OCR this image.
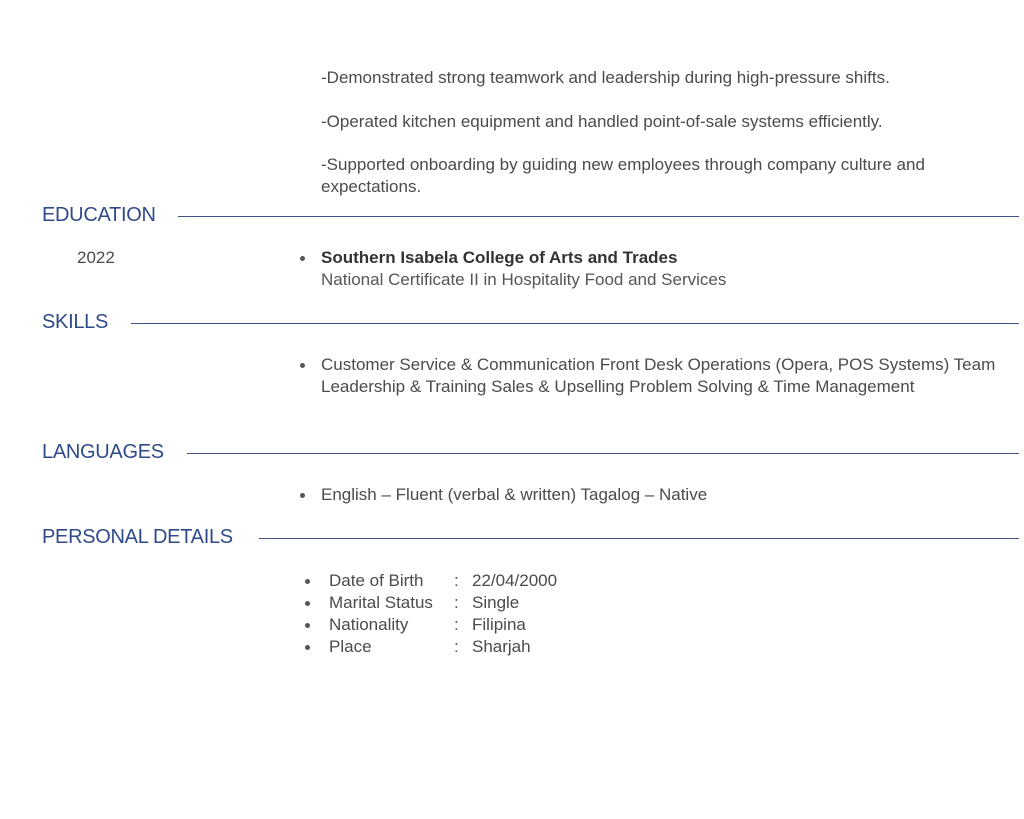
-Demonstrated strong teamwork and leadership during high-pressure shifts.
-Operated kitchen equipment and handled point-of-sale systems efficiently.
-Supported onboarding by guiding new employees through company culture and expectations.
EDUCATION
2022	Southern Isabela College of Arts and Trades
National Certificate II in Hospitality Food and Services
SKILLS
Customer Service & Communication Front Desk Operations (Opera, POS Systems) Team Leadership & Training Sales & Upselling Problem Solving & Time Management
LANGUAGES
English – Fluent (verbal & written) Tagalog – Native
PERSONAL DETAILS
Date of Birth : 22/04/2000
Marital Status : Single
Nationality	: Filipina
Place	: Sharjah
